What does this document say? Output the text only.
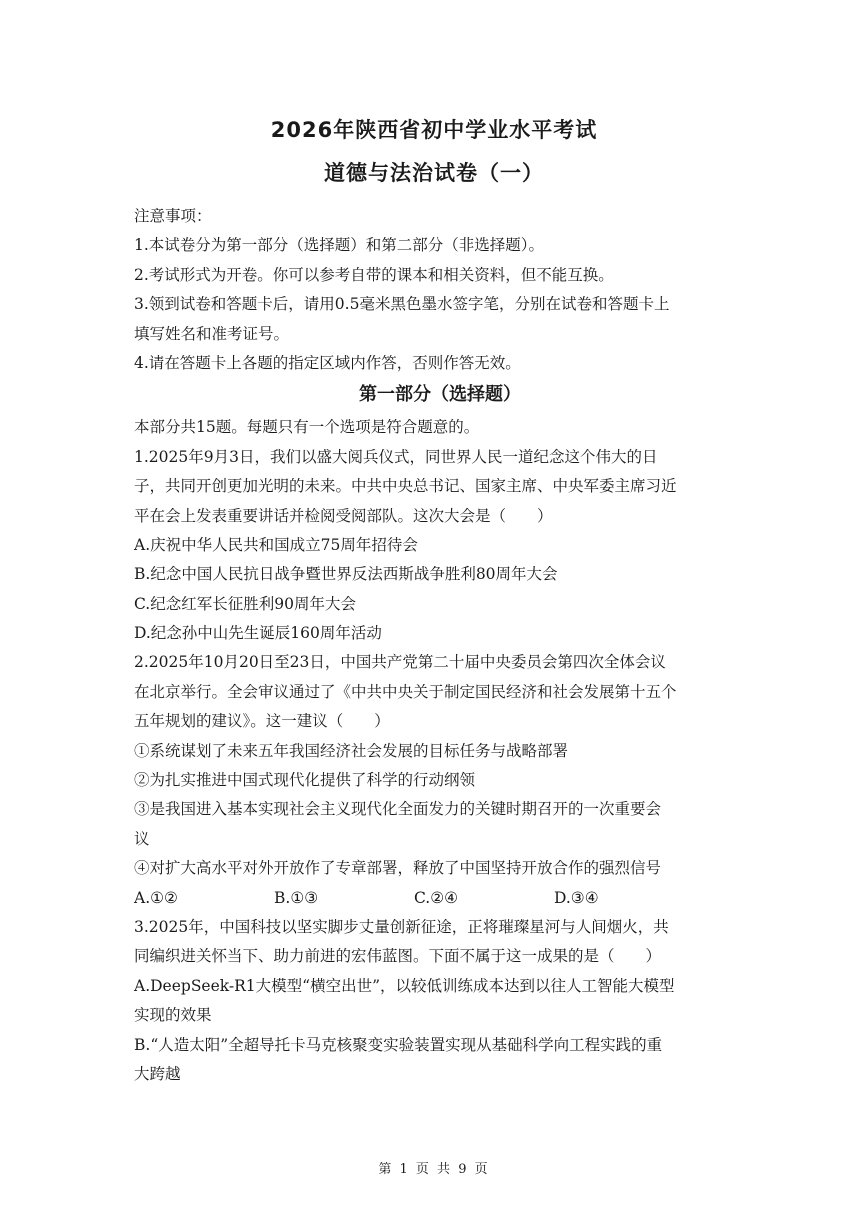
2026年陕西省初中学业水平考试
道德与法治试卷（一）
注意事项：
1.本试卷分为第一部分（选择题）和第二部分（非选择题）。
2.考试形式为开卷。你可以参考自带的课本和相关资料，但不能互换。
3.领到试卷和答题卡后，请用0.5毫米黑色墨水签字笔，分别在试卷和答题卡上
填写姓名和准考证号。
4.请在答题卡上各题的指定区域内作答，否则作答无效。
第一部分（选择题）
本部分共15题。每题只有一个选项是符合题意的。
1.2025年9月3日，我们以盛大阅兵仪式，同世界人民一道纪念这个伟大的日
子，共同开创更加光明的未来。中共中央总书记、国家主席、中央军委主席习近
平在会上发表重要讲话并检阅受阅部队。这次大会是（　　）
A.庆祝中华人民共和国成立75周年招待会
B.纪念中国人民抗日战争暨世界反法西斯战争胜利80周年大会
C.纪念红军长征胜利90周年大会
D.纪念孙中山先生诞辰160周年活动
2.2025年10月20日至23日，中国共产党第二十届中央委员会第四次全体会议
在北京举行。全会审议通过了《中共中央关于制定国民经济和社会发展第十五个
五年规划的建议》。这一建议（　　）
①系统谋划了未来五年我国经济社会发展的目标任务与战略部署
②为扎实推进中国式现代化提供了科学的行动纲领
③是我国进入基本实现社会主义现代化全面发力的关键时期召开的一次重要会
议
④对扩大高水平对外开放作了专章部署，释放了中国坚持开放合作的强烈信号
A.①②	B.①③	C.②④	D.③④
3.2025年，中国科技以坚实脚步丈量创新征途，正将璀璨星河与人间烟火，共
同编织进关怀当下、助力前进的宏伟蓝图。下面不属于这一成果的是（　　）
A.DeepSeek-R1大模型“横空出世”，以较低训练成本达到以往人工智能大模型
实现的效果
B.“人造太阳”全超导托卡马克核聚变实验装置实现从基础科学向工程实践的重
大跨越
第 1 页 共 9 页
